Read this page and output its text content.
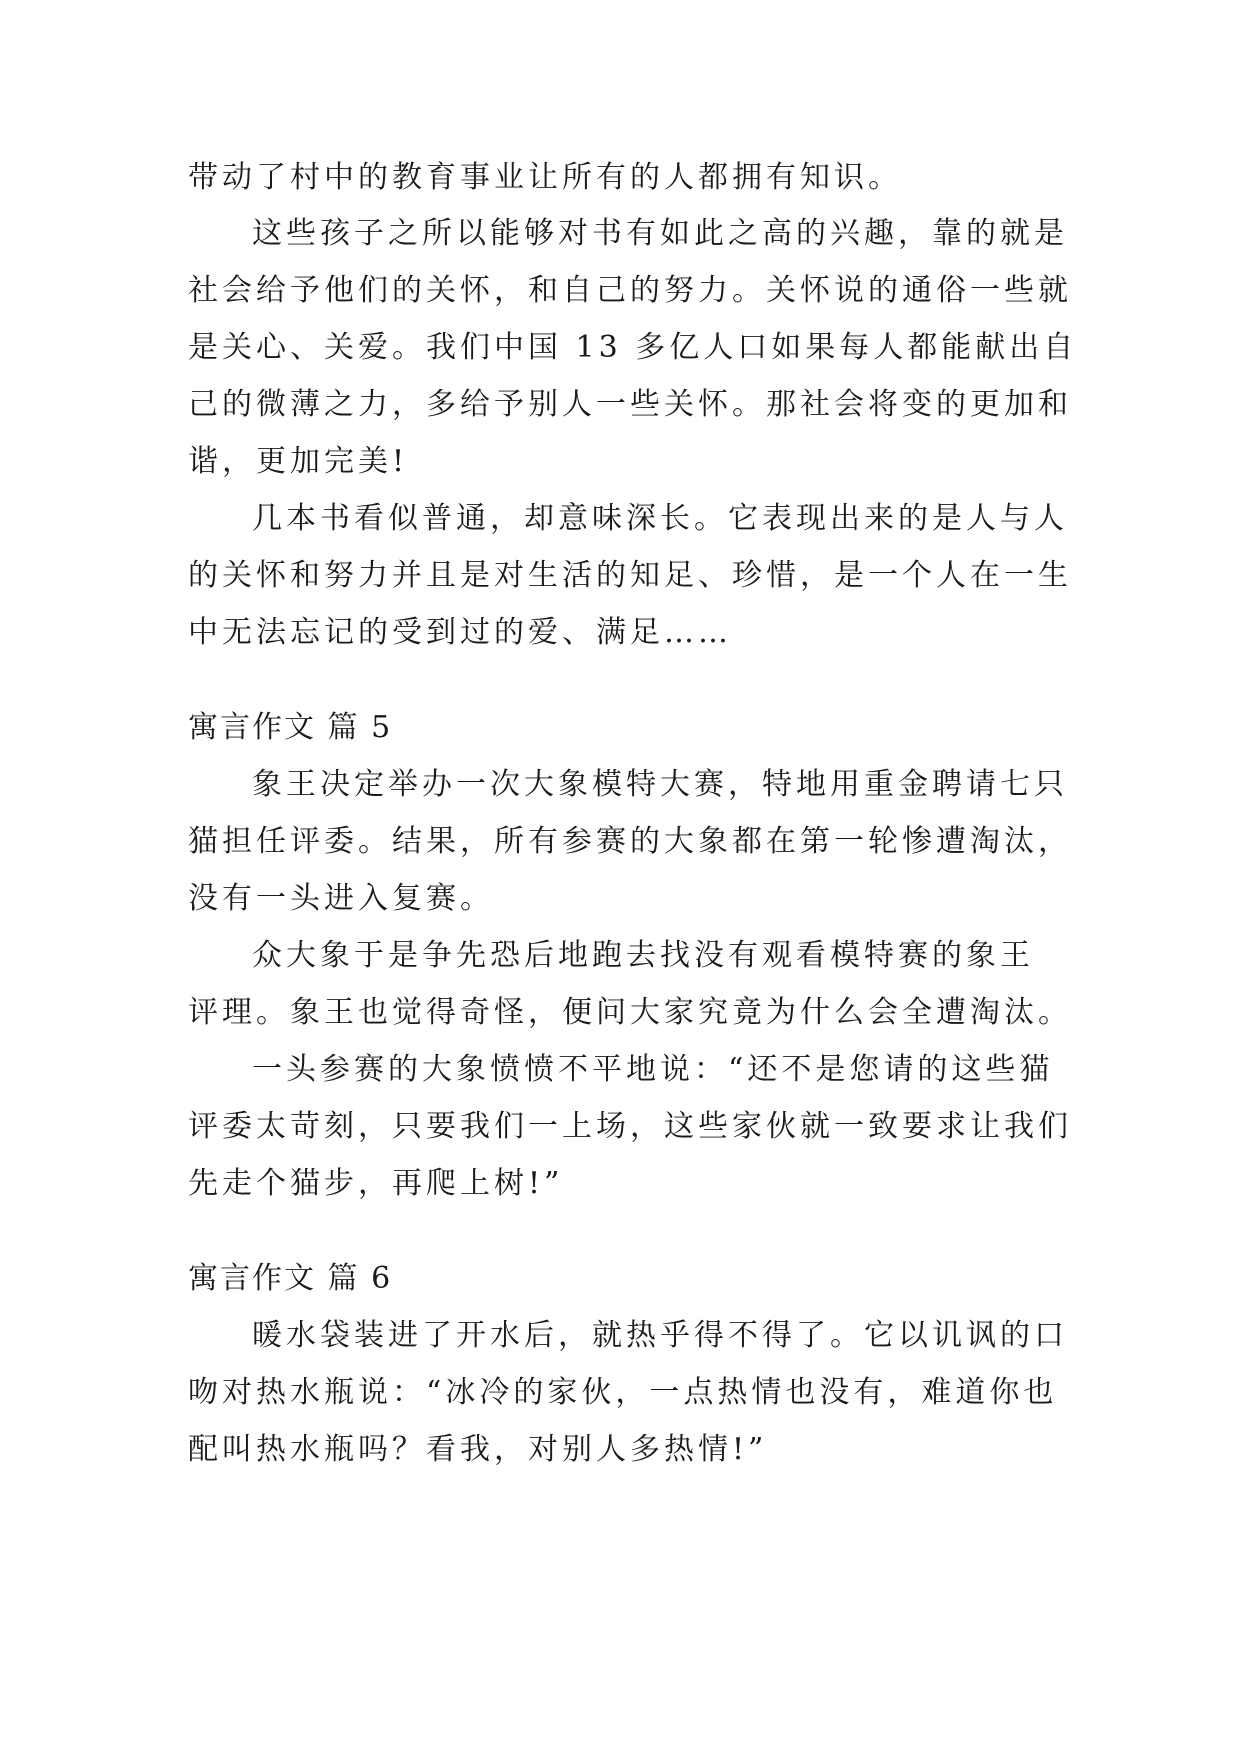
带动了村中的教育事业让所有的人都拥有知识。
这些孩子之所以能够对书有如此之高的兴趣，靠的就是
社会给予他们的关怀，和自己的努力。关怀说的通俗一些就
是关心、关爱。我们中国 13 多亿人口如果每人都能献出自
己的微薄之力，多给予别人一些关怀。那社会将变的更加和
谐，更加完美!
几本书看似普通，却意味深长。它表现出来的是人与人
的关怀和努力并且是对生活的知足、珍惜，是一个人在一生
中无法忘记的受到过的爱、满足……
寓言作文 篇 5
象王决定举办一次大象模特大赛，特地用重金聘请七只
猫担任评委。结果，所有参赛的大象都在第一轮惨遭淘汰，
没有一头进入复赛。
众大象于是争先恐后地跑去找没有观看模特赛的象王
评理。象王也觉得奇怪，便问大家究竟为什么会全遭淘汰。
一头参赛的大象愤愤不平地说：“还不是您请的这些猫
评委太苛刻，只要我们一上场，这些家伙就一致要求让我们
先走个猫步，再爬上树!”
寓言作文 篇 6
暖水袋装进了开水后，就热乎得不得了。它以讥讽的口
吻对热水瓶说：“冰冷的家伙，一点热情也没有，难道你也
配叫热水瓶吗？看我，对别人多热情!”
